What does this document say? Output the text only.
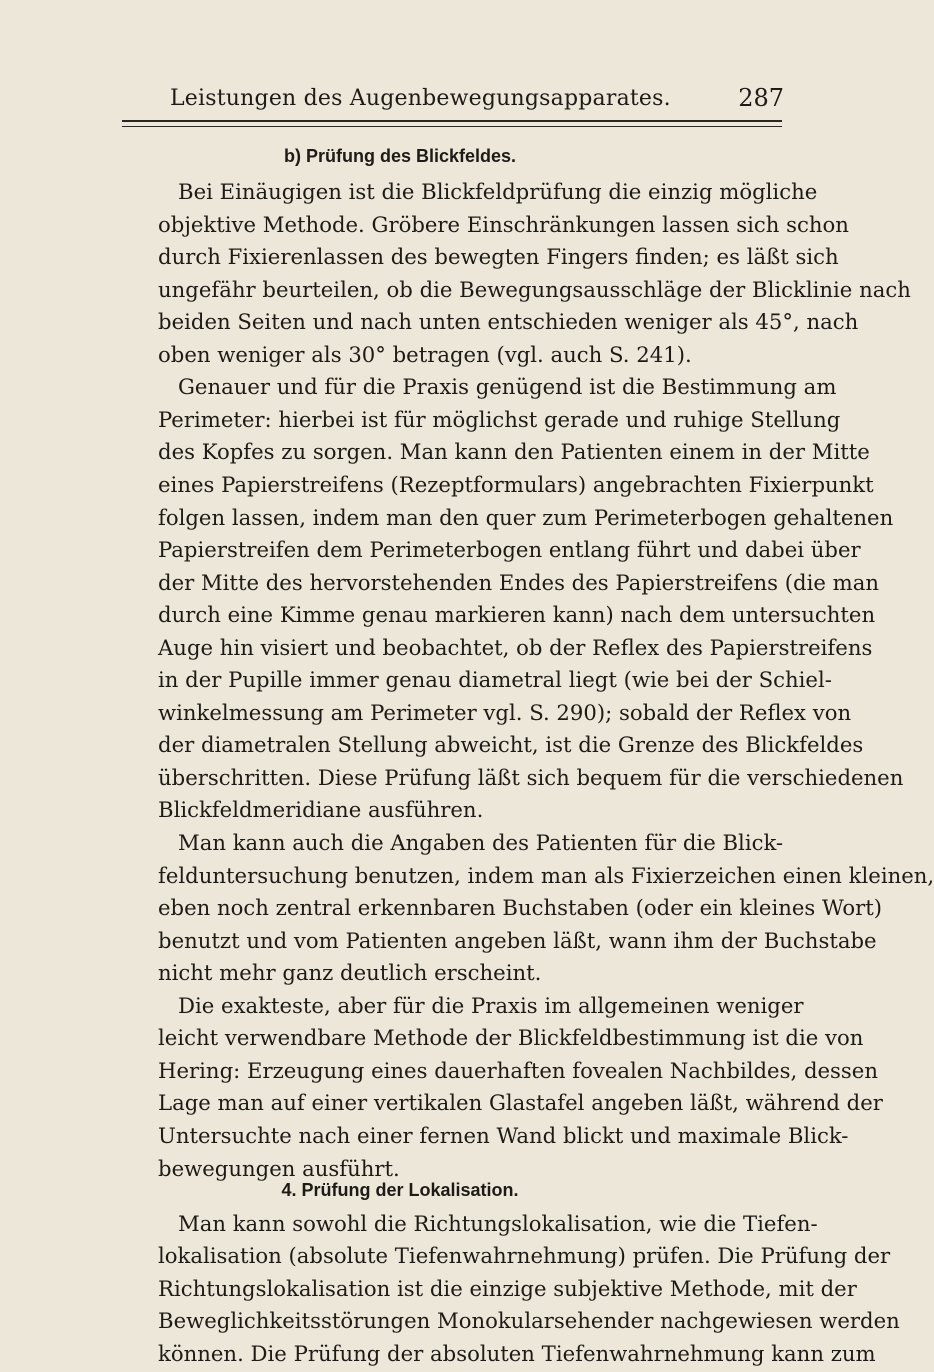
Leistungen des Augenbewegungsapparates.	287
b) Prüfung des Blickfeldes.
Bei Einäugigen ist die Blickfeldprüfung die einzig mögliche
objektive Methode. Gröbere Einschränkungen lassen sich schon
durch Fixierenlassen des bewegten Fingers finden; es läßt sich
ungefähr beurteilen, ob die Bewegungsausschläge der Blicklinie nach
beiden Seiten und nach unten entschieden weniger als 45°, nach
oben weniger als 30° betragen (vgl. auch S. 241).
Genauer und für die Praxis genügend ist die Bestimmung am
Perimeter: hierbei ist für möglichst gerade und ruhige Stellung
des Kopfes zu sorgen. Man kann den Patienten einem in der Mitte
eines Papierstreifens (Rezeptformulars) angebrachten Fixierpunkt
folgen lassen, indem man den quer zum Perimeterbogen gehaltenen
Papierstreifen dem Perimeterbogen entlang führt und dabei über
der Mitte des hervorstehenden Endes des Papierstreifens (die man
durch eine Kimme genau markieren kann) nach dem untersuchten
Auge hin visiert und beobachtet, ob der Reflex des Papierstreifens
in der Pupille immer genau diametral liegt (wie bei der Schiel-
winkelmessung am Perimeter vgl. S. 290); sobald der Reflex von
der diametralen Stellung abweicht, ist die Grenze des Blickfeldes
überschritten. Diese Prüfung läßt sich bequem für die verschiedenen
Blickfeldmeridiane ausführen.
Man kann auch die Angaben des Patienten für die Blick-
felduntersuchung benutzen, indem man als Fixierzeichen einen kleinen,
eben noch zentral erkennbaren Buchstaben (oder ein kleines Wort)
benutzt und vom Patienten angeben läßt, wann ihm der Buchstabe
nicht mehr ganz deutlich erscheint.
Die exakteste, aber für die Praxis im allgemeinen weniger
leicht verwendbare Methode der Blickfeldbestimmung ist die von
Hering: Erzeugung eines dauerhaften fovealen Nachbildes, dessen
Lage man auf einer vertikalen Glastafel angeben läßt, während der
Untersuchte nach einer fernen Wand blickt und maximale Blick-
bewegungen ausführt.
4. Prüfung der Lokalisation.
Man kann sowohl die Richtungslokalisation, wie die Tiefen-
lokalisation (absolute Tiefenwahrnehmung) prüfen. Die Prüfung der
Richtungslokalisation ist die einzige subjektive Methode, mit der
Beweglichkeitsstörungen Monokularsehender nachgewiesen werden
können. Die Prüfung der absoluten Tiefenwahrnehmung kann zum
